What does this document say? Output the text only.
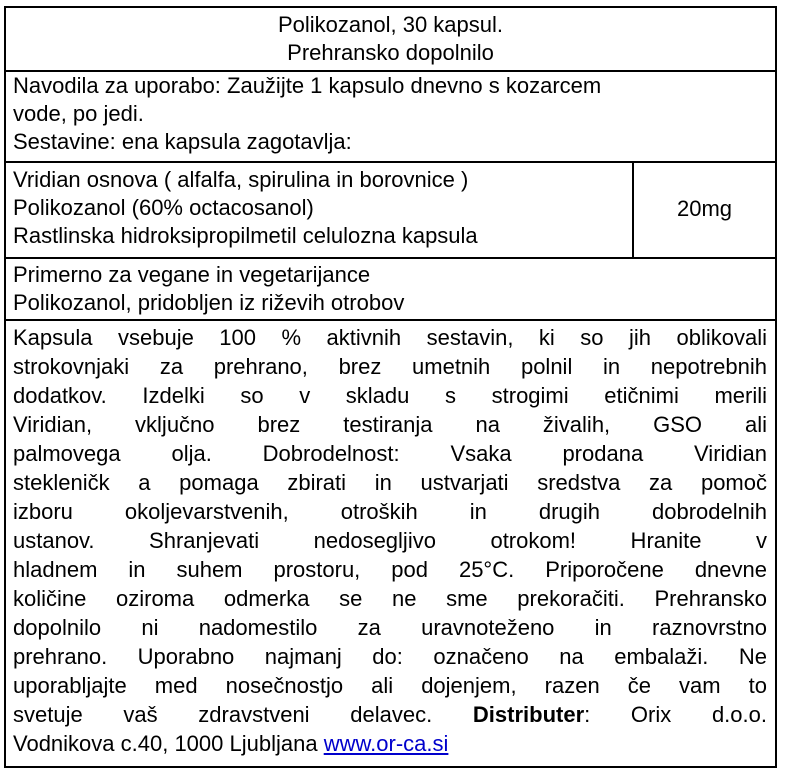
Polikozanol, 30 kapsul.
Prehransko dopolnilo
Navodila za uporabo: Zaužijte 1 kapsulo dnevno s kozarcem
vode, po jedi.
Sestavine: ena kapsula zagotavlja:
Vridian osnova ( alfalfa, spirulina in borovnice )
Polikozanol (60% octacosanol)
Rastlinska hidroksipropilmetil celulozna kapsula
20mg
Primerno za vegane in vegetarijance
Polikozanol, pridobljen iz riževih otrobov
Kapsula vsebuje 100 % aktivnih sestavin, ki so jih oblikovali
strokovnjaki za prehrano, brez umetnih polnil in nepotrebnih
dodatkov. Izdelki so v skladu s strogimi etičnimi merili
Viridian, vključno brez testiranja na živalih, GSO ali
palmovega olja. Dobrodelnost: Vsaka prodana Viridian
stekleničk a pomaga zbirati in ustvarjati sredstva za pomoč
izboru okoljevarstvenih, otroških in drugih dobrodelnih
ustanov. Shranjevati nedosegljivo otrokom! Hranite v
hladnem in suhem prostoru, pod 25°C. Priporočene dnevne
količine oziroma odmerka se ne sme prekoračiti. Prehransko
dopolnilo ni nadomestilo za uravnoteženo in raznovrstno
prehrano. Uporabno najmanj do: označeno na embalaži. Ne
uporabljajte med nosečnostjo ali dojenjem, razen če vam to
svetuje vaš zdravstveni delavec. Distributer: Orix d.o.o.
Vodnikova c.40, 1000 Ljubljana www.or-ca.si
